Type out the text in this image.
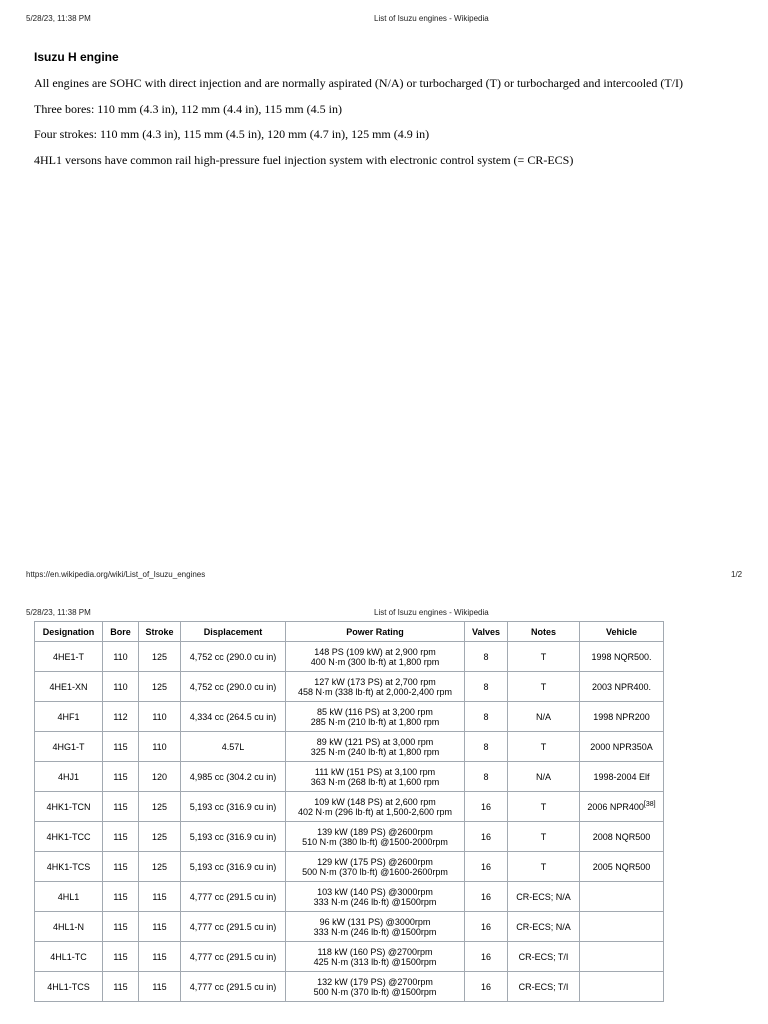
5/28/23, 11:38 PM	List of Isuzu engines - Wikipedia
Isuzu H engine
All engines are SOHC with direct injection and are normally aspirated (N/A) or turbocharged (T) or turbocharged and intercooled (T/I)
Three bores: 110 mm (4.3 in), 112 mm (4.4 in), 115 mm (4.5 in)
Four strokes: 110 mm (4.3 in), 115 mm (4.5 in), 120 mm (4.7 in), 125 mm (4.9 in)
4HL1 versons have common rail high-pressure fuel injection system with electronic control system (= CR-ECS)
https://en.wikipedia.org/wiki/List_of_Isuzu_engines	1/2
5/28/23, 11:38 PM	List of Isuzu engines - Wikipedia
Designation	Bore	Stroke	Displacement	Power Rating	Valves	Notes	Vehicle
4HE1-T	110	125	4,752 cc (290.0 cu in)	148 PS (109 kW) at 2,900 rpm
400 N·m (300 lb·ft) at 1,800 rpm	8	T	1998 NQR500.
4HE1-XN	110	125	4,752 cc (290.0 cu in)	127 kW (173 PS) at 2,700 rpm
458 N·m (338 lb·ft) at 2,000-2,400 rpm	8	T	2003 NPR400.
4HF1	112	110	4,334 cc (264.5 cu in)	85 kW (116 PS) at 3,200 rpm
285 N·m (210 lb·ft) at 1,800 rpm	8	N/A	1998 NPR200
4HG1-T	115	110	4.57L	89 kW (121 PS) at 3,000 rpm
325 N·m (240 lb·ft) at 1,800 rpm	8	T	2000 NPR350A
4HJ1	115	120	4,985 cc (304.2 cu in)	111 kW (151 PS) at 3,100 rpm
363 N·m (268 lb·ft) at 1,600 rpm	8	N/A	1998-2004 Elf
4HK1-TCN	115	125	5,193 cc (316.9 cu in)	109 kW (148 PS) at 2,600 rpm
402 N·m (296 lb·ft) at 1,500-2,600 rpm	16	T	2006 NPR400[38]
4HK1-TCC	115	125	5,193 cc (316.9 cu in)	139 kW (189 PS) @2600rpm
510 N·m (380 lb·ft) @1500-2000rpm	16	T	2008 NQR500
4HK1-TCS	115	125	5,193 cc (316.9 cu in)	129 kW (175 PS) @2600rpm
500 N·m (370 lb·ft) @1600-2600rpm	16	T	2005 NQR500
4HL1	115	115	4,777 cc (291.5 cu in)	103 kW (140 PS) @3000rpm
333 N·m (246 lb·ft) @1500rpm	16	CR-ECS; N/A	
4HL1-N	115	115	4,777 cc (291.5 cu in)	96 kW (131 PS) @3000rpm
333 N·m (246 lb·ft) @1500rpm	16	CR-ECS; N/A	
4HL1-TC	115	115	4,777 cc (291.5 cu in)	118 kW (160 PS) @2700rpm
425 N·m (313 lb·ft) @1500rpm	16	CR-ECS; T/I	
4HL1-TCS	115	115	4,777 cc (291.5 cu in)	132 kW (179 PS) @2700rpm
500 N·m (370 lb·ft) @1500rpm	16	CR-ECS; T/I	
